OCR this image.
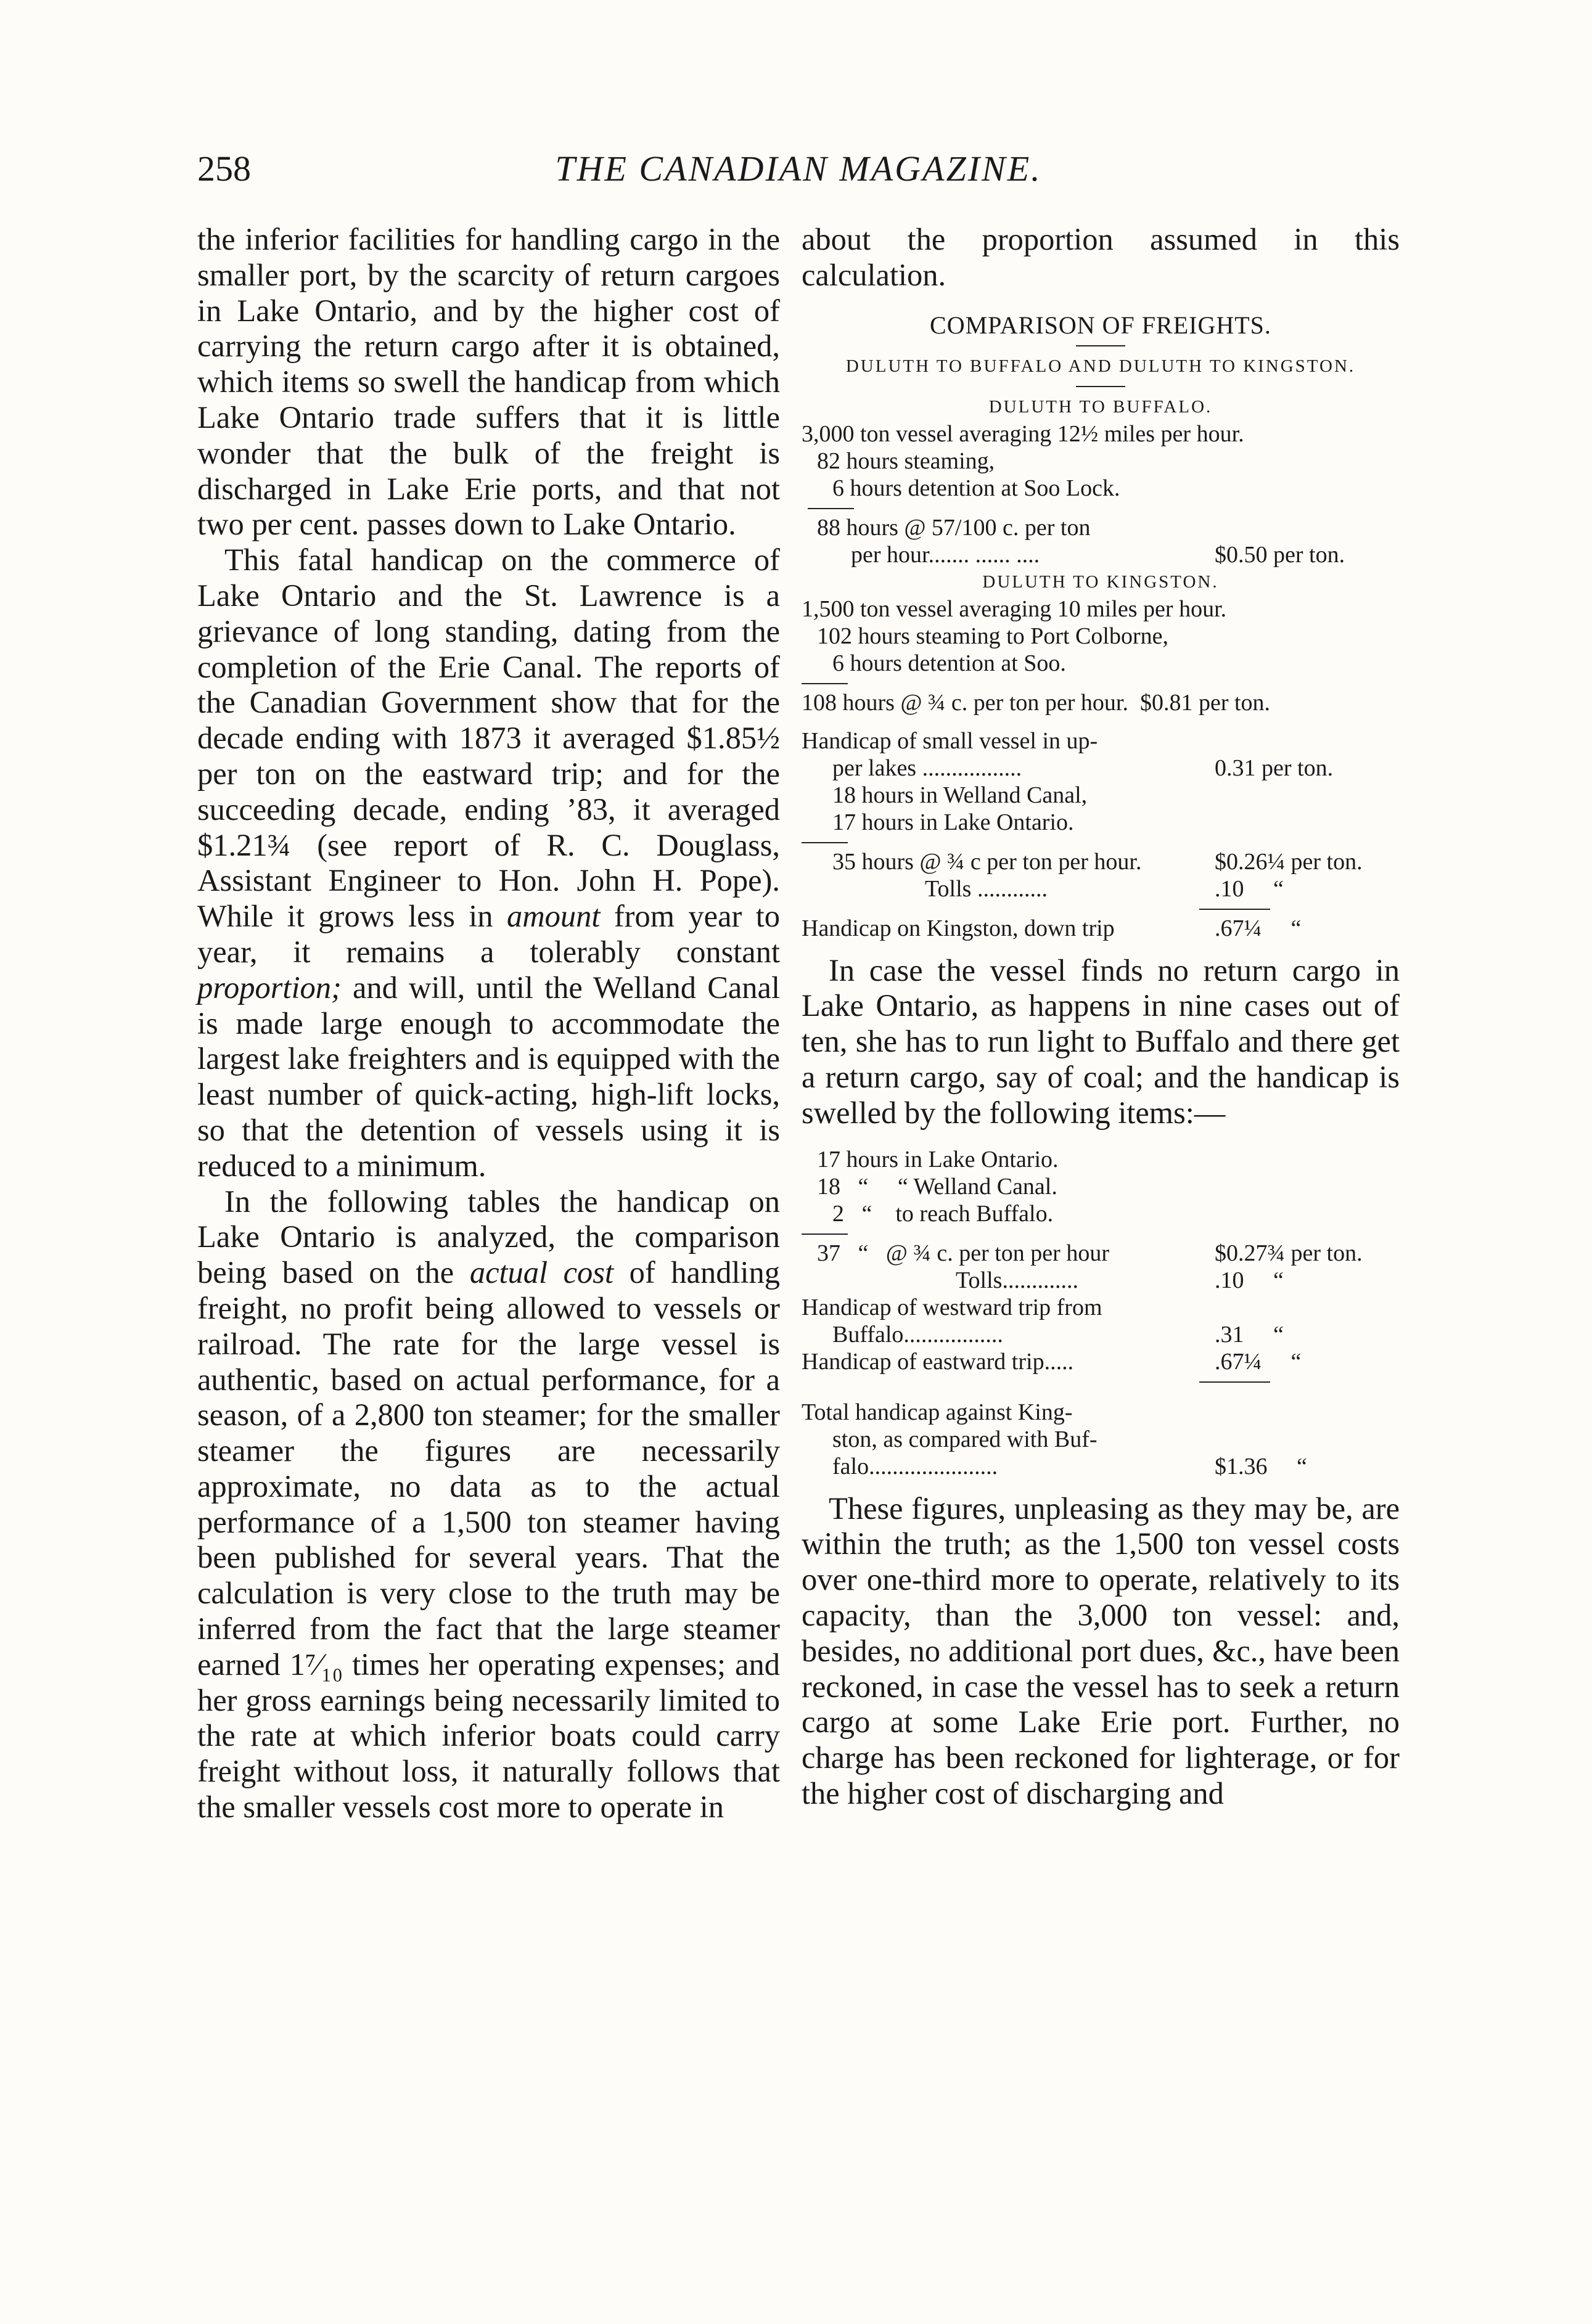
258	THE CANADIAN MAGAZINE.

the inferior facilities for handling cargo in the smaller port, by the scarcity of return cargoes in Lake Ontario, and by the higher cost of carrying the return cargo after it is obtained, which items so swell the handicap from which Lake Ontario trade suffers that it is little wonder that the bulk of the freight is discharged in Lake Erie ports, and that not two per cent. passes down to Lake Ontario.

This fatal handicap on the commerce of Lake Ontario and the St. Lawrence is a grievance of long standing, dating from the completion of the Erie Canal. The reports of the Canadian Government show that for the decade ending with 1873 it averaged $1.85½ per ton on the eastward trip; and for the succeeding decade, ending ’83, it averaged $1.21¾ (see report of R. C. Douglass, Assistant Engineer to Hon. John H. Pope). While it grows less in amount from year to year, it remains a tolerably constant proportion; and will, until the Welland Canal is made large enough to accommodate the largest lake freighters and is equipped with the least number of quick-acting, high-lift locks, so that the detention of vessels using it is reduced to a minimum.

In the following tables the handicap on Lake Ontario is analyzed, the comparison being based on the actual cost of handling freight, no profit being allowed to vessels or railroad. The rate for the large vessel is authentic, based on actual performance, for a season, of a 2,800 ton steamer; for the smaller steamer the figures are necessarily approximate, no data as to the actual performance of a 1,500 ton steamer having been published for several years. That the calculation is very close to the truth may be inferred from the fact that the large steamer earned 1⁷⁄₁₀ times her operating expenses; and her gross earnings being necessarily limited to the rate at which inferior boats could carry freight without loss, it naturally follows that the smaller vessels cost more to operate in

about the proportion assumed in this calculation.

COMPARISON OF FREIGHTS.
DULUTH TO BUFFALO AND DULUTH TO KINGSTON.
DULUTH TO BUFFALO.
3,000 ton vessel averaging 12½ miles per hour.
82 hours steaming,
6 hours detention at Soo Lock.
88 hours @ 57/100 c. per ton
per hour....... ...... ....	$0.50 per ton.
DULUTH TO KINGSTON.
1,500 ton vessel averaging 10 miles per hour.
102 hours steaming to Port Colborne,
6 hours detention at Soo.
108 hours @ ¾ c. per ton per hour.  $0.81 per ton.
Handicap of small vessel in up-
per lakes .................	0.31 per ton.
18 hours in Welland Canal,
17 hours in Lake Ontario.
35 hours @ ¾ c per ton per hour.	$0.26¼ per ton.
Tolls ............	.10     “
Handicap on Kingston, down trip	.67¼     “

In case the vessel finds no return cargo in Lake Ontario, as happens in nine cases out of ten, she has to run light to Buffalo and there get a return cargo, say of coal; and the handicap is swelled by the following items:—

17 hours in Lake Ontario.
18   “     “ Welland Canal.
2   “    to reach Buffalo.
37   “   @ ¾ c. per ton per hour	$0.27¾ per ton.
Tolls.............	.10     “
Handicap of westward trip from
Buffalo.................	.31     “
Handicap of eastward trip.....	.67¼     “
Total handicap against King-
ston, as compared with Buf-
falo......................	$1.36     “

These figures, unpleasing as they may be, are within the truth; as the 1,500 ton vessel costs over one-third more to operate, relatively to its capacity, than the 3,000 ton vessel: and, besides, no additional port dues, &c., have been reckoned, in case the vessel has to seek a return cargo at some Lake Erie port. Further, no charge has been reckoned for lighterage, or for the higher cost of discharging and
